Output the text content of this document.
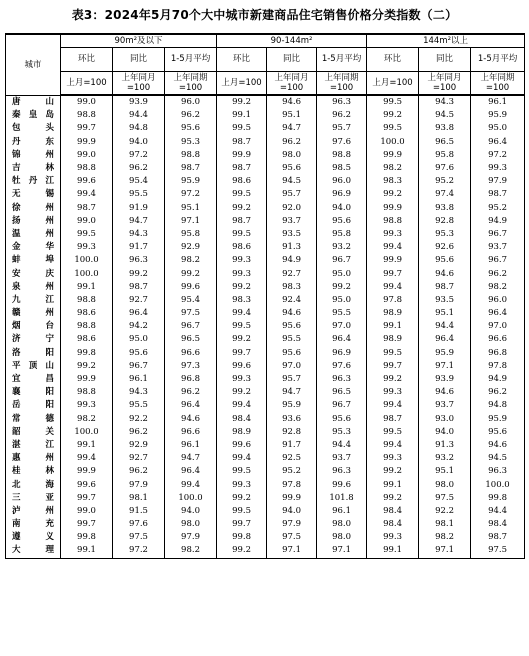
表3：2024年5月70个大中城市新建商品住宅销售价格分类指数（二）
城市	90m²及以下			90-144m²			144m²以上		
	环比	同比	1-5月平均	环比	同比	1-5月平均	环比	同比	1-5月平均
	上月=100	上年同月=100	上年同期=100	上月=100	上年同月=100	上年同期=100	上月=100	上年同月=100	上年同期=100
唐　　山	99.0	93.9	96.0	99.2	94.6	96.3	99.5	94.3	96.1
秦 皇 岛	98.8	94.4	96.2	99.1	95.1	96.2	99.2	94.5	95.9
包　　头	99.7	94.8	95.6	99.5	94.7	95.7	99.5	93.8	95.0
丹　　东	99.9	94.0	95.3	98.7	96.2	97.6	100.0	96.5	96.4
锦　　州	99.0	97.2	98.8	99.9	98.0	98.8	99.9	95.8	97.2
吉　　林	98.8	96.2	98.7	98.7	95.6	98.5	98.2	97.6	99.3
牡 丹 江	99.6	95.4	95.9	98.6	94.5	96.0	98.3	95.2	97.9
无　　锡	99.4	95.5	97.2	99.5	95.7	96.9	99.2	97.4	98.7
徐　　州	98.7	91.9	95.1	99.2	92.0	94.0	99.9	93.8	95.2
扬　　州	99.0	94.7	97.1	98.7	93.7	95.6	98.8	92.8	94.9
温　　州	99.5	94.3	95.8	99.5	93.5	95.8	99.3	95.3	96.7
金　　华	99.3	91.7	92.9	98.6	91.3	93.2	99.4	92.6	93.7
蚌　　埠	100.0	96.3	98.2	99.3	94.9	96.7	99.9	95.6	96.7
安　　庆	100.0	99.2	99.2	99.3	92.7	95.0	99.7	94.6	96.2
泉　　州	99.1	98.7	99.6	99.2	98.3	99.2	99.4	98.7	98.2
九　　江	98.8	92.7	95.4	98.3	92.4	95.0	97.8	93.5	96.0
赣　　州	98.6	96.4	97.5	99.4	94.6	95.5	98.9	95.1	96.4
烟　　台	98.8	94.2	96.7	99.5	95.6	97.0	99.1	94.4	97.0
济　　宁	98.6	95.0	96.5	99.2	95.5	96.4	98.9	96.4	96.6
洛　　阳	99.8	95.6	96.6	99.7	95.6	96.9	99.5	95.9	96.8
平 顶 山	99.2	96.7	97.3	99.6	97.0	97.6	99.7	97.1	97.8
宜　　昌	99.9	96.1	96.8	99.3	95.7	96.3	99.2	93.9	94.9
襄　　阳	98.8	94.3	96.2	99.2	94.7	96.5	99.3	94.6	96.2
岳　　阳	99.3	95.5	96.4	99.4	95.9	96.7	99.4	93.7	94.8
常　　德	98.2	92.2	94.6	98.4	93.6	95.6	98.7	93.0	95.9
韶　　关	100.0	96.2	96.6	98.9	92.8	95.3	99.5	94.0	95.6
湛　　江	99.1	92.9	96.1	99.6	91.7	94.4	99.4	91.3	94.6
惠　　州	99.4	92.7	94.7	99.4	92.5	93.7	99.3	93.2	94.5
桂　　林	99.9	96.2	96.4	99.5	95.2	96.3	99.2	95.1	96.3
北　　海	99.6	97.9	99.4	99.3	97.8	99.6	99.1	98.0	100.0
三　　亚	99.7	98.1	100.0	99.2	99.9	101.8	99.2	97.5	99.8
泸　　州	99.0	91.5	94.0	99.5	94.0	96.1	98.4	92.2	94.4
南　　充	99.7	97.6	98.0	99.7	97.9	98.0	98.4	98.1	98.4
遵　　义	99.8	97.5	97.9	99.8	97.5	98.0	99.3	98.2	98.7
大　　理	99.1	97.2	98.2	99.2	97.1	97.1	99.1	97.1	97.5
